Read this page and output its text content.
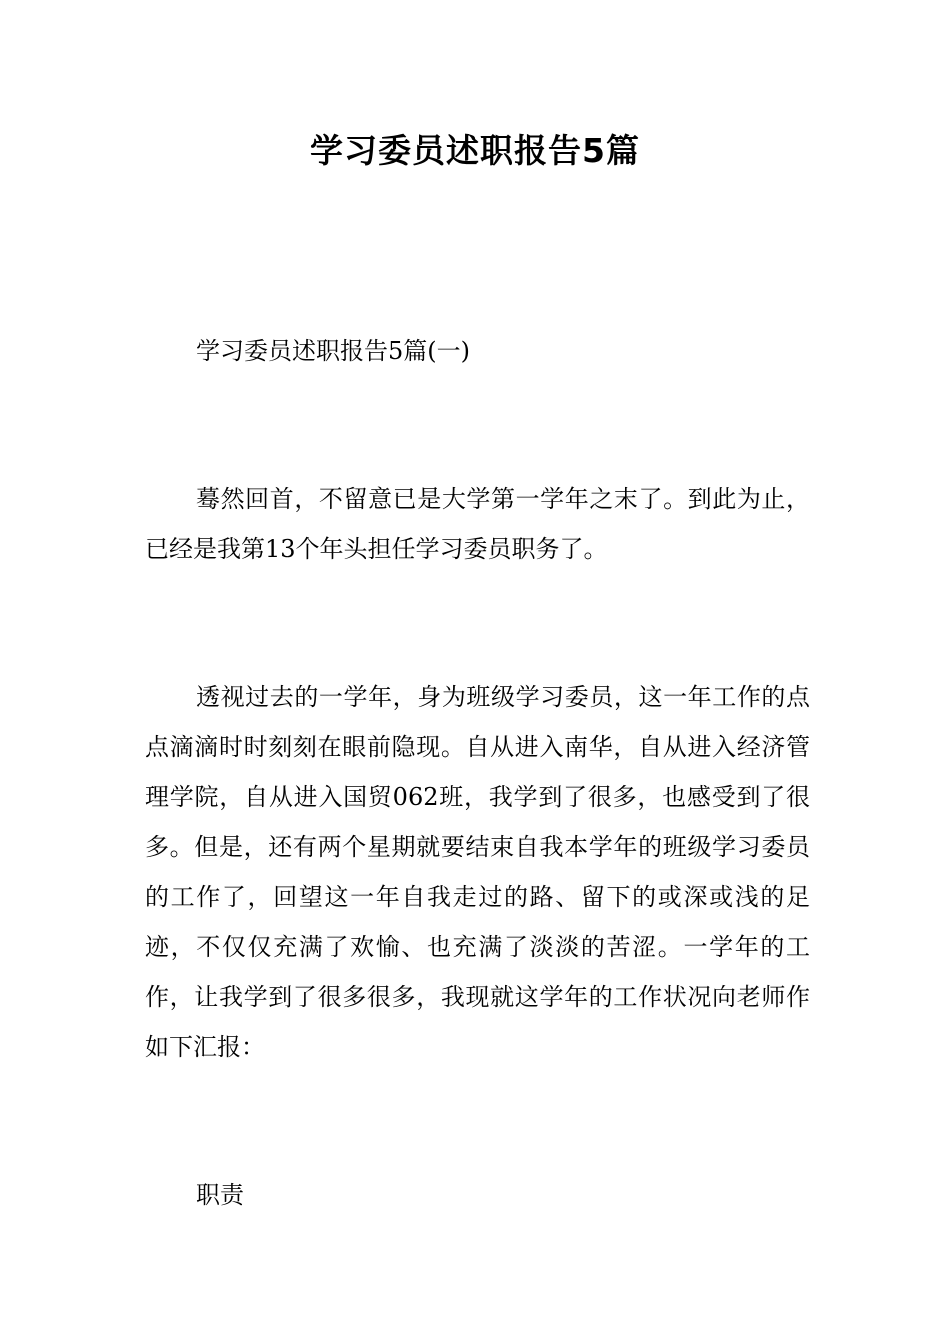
学习委员述职报告5篇

学习委员述职报告5篇(一)

蓦然回首，不留意已是大学第一学年之末了。到此为止，已经是我第13个年头担任学习委员职务了。

透视过去的一学年，身为班级学习委员，这一年工作的点点滴滴时时刻刻在眼前隐现。自从进入南华，自从进入经济管理学院，自从进入国贸062班，我学到了很多，也感受到了很多。但是，还有两个星期就要结束自我本学年的班级学习委员的工作了，回望这一年自我走过的路、留下的或深或浅的足迹，不仅仅充满了欢愉、也充满了淡淡的苦涩。一学年的工作，让我学到了很多很多，我现就这学年的工作状况向老师作如下汇报：

职责
